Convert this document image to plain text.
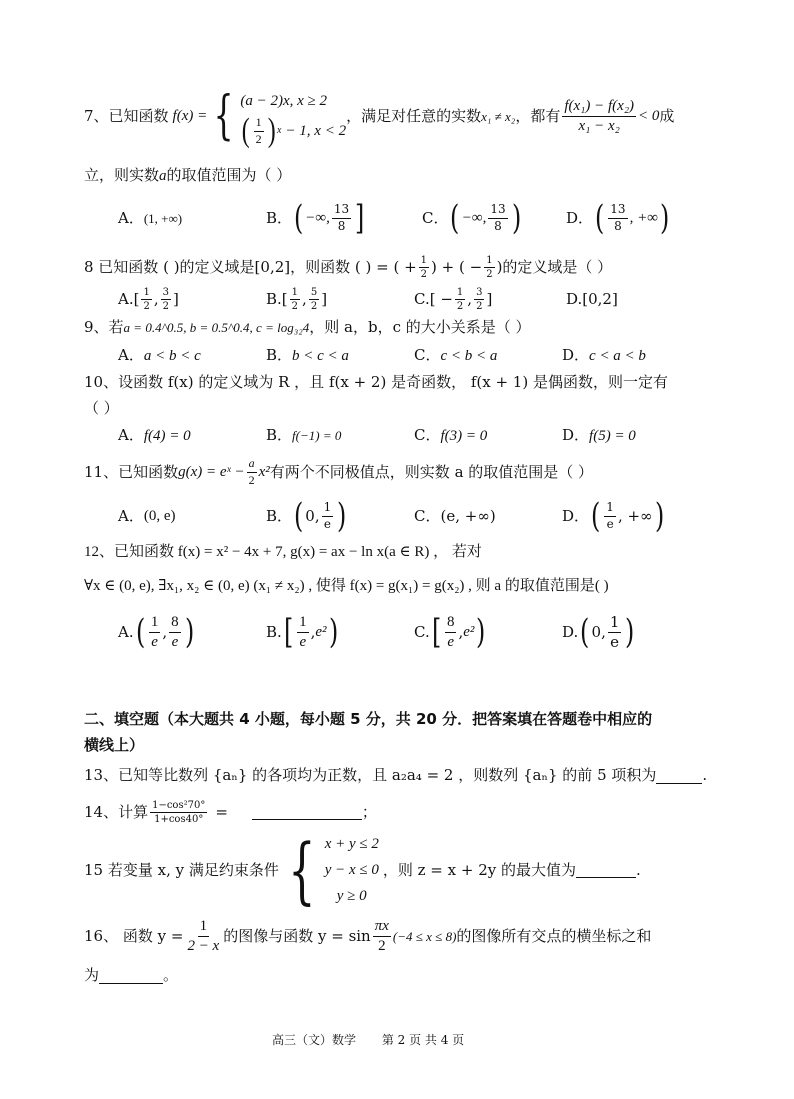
7、已知函数 f(x) = { (a − 2)x, x ≥ 2
( $\frac{1}{2}$ ) x − 1, x < 2
，满足对任意的实数 x₁ ≠ x₂ ，都有 $\frac{\text{f(x₁) − f(x₂)}}{\text{x₁ − x₂}} < 0$ 成
立，则实数a的取值范围为（ ）
A． (1, +∞)	B． ( −∞, $\frac{13}{8}$ ]	C． ( −∞, $\frac{13}{8}$ )	D． ( $\frac{13}{8}$ , +∞ )
8 已知函数 ( )的定义域是[0,2]，则函数 ( ) = ( + $\frac{1}{2}$ ) + ( − $\frac{1}{2}$ )的定义域是（ ）
$A.[ \frac{1}{2}$ , $\frac{3}{2}$ ]	$B.[ \frac{1}{2}$ , $\frac{5}{2}$ ]	$C.[ - \frac{1}{2}$ , $\frac{3}{2}$ ]	D. [0,2]
9、若a = 0.4^0.5, b = 0.5^0.4, c = log₃₂4，则 a，b，c 的大小关系是（ ）
A．a < b < c	B．b < c < a	C．c < b < a	D．c < a < b
10、设函数 f(x) 的定义域为 R ，且 f(x + 2) 是奇函数， f(x + 1) 是偶函数，则一定有
（ ）
A．f(4) = 0	B．f(−1) = 0	C．f(3) = 0	D．f(5) = 0
11、已知函数 g(x) = eˣ − $\frac{a}{2} x^2$ 有两个不同极值点，则实数 a 的取值范围是（ ）
A． (0, e)	B． ( 0, $\frac{1}{e}$ )	C． (e, +∞)	D． ( $\frac{1}{e}$ , +∞ )
12、已知函数 f(x) = x² − 4x + 7, g(x) = ax − ln x(a ∈ R) ， 若对
∀x ∈ (0, e), ∃x₁, x₂ ∈ (0, e) (x₁ ≠ x₂) , 使得 f(x) = g(x₁) = g(x₂) , 则 a 的取值范围是( )
A. ( $\frac{1}{e}$ , $\frac{8}{e}$ )	B. [ $\frac{1}{e}$ , e² )	C. [ $\frac{8}{e}$ , e² )	D. ( 0, $\frac{1}{e}$ )
二、填空题（本大题共 4 小题，每小题 5 分，共 20 分．把答案填在答题卷中相应的
横线上）
13、已知等比数列 {aₙ} 的各项均为正数，且 a₂a₄ = 2 ，则数列 {aₙ} 的前 5 项积为	.
14、计算 $\frac{\text{1−cos²70°}}{1+\cos 40^\circ}$ =
	；
15 若变量 x, y 满足约束条件 { x + y ≤ 2
y − x ≤ 0
y ≥ 0
，则 z = x + 2y 的最大值为
	.
16、 函数 $y = \frac{1}{2 - x}$ 的图像与函数 $y = \sin \frac{\pi x}{2} (-4 \le x \le 8)$ 的图像所有交点的横坐标之和
为	。
高三（文）数学 第 2 页 共 4 页
